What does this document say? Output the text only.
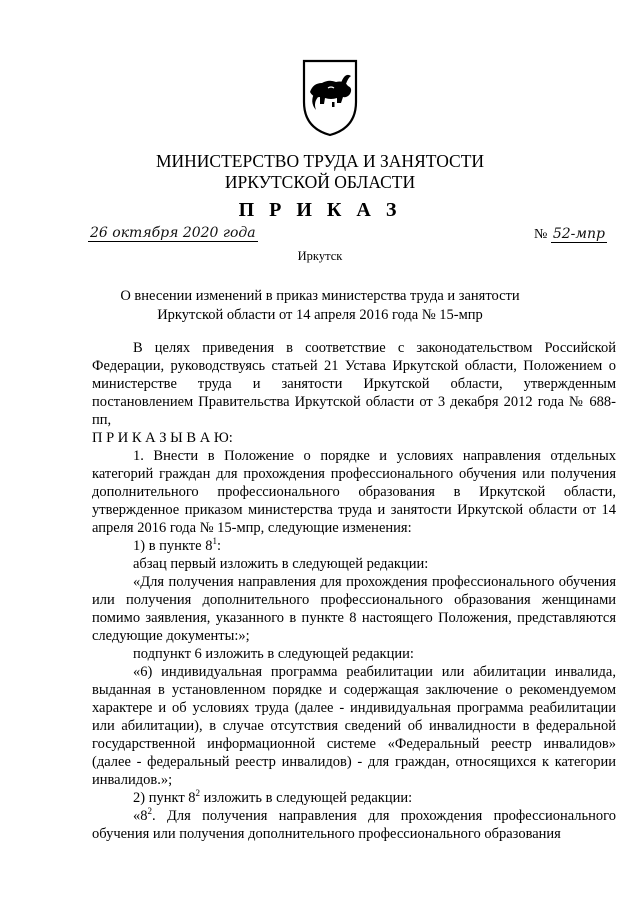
МИНИСТЕРСТВО ТРУДА И ЗАНЯТОСТИ
ИРКУТСКОЙ ОБЛАСТИ
П Р И К А З
26 октября 2020 года	№ 52-мпр
Иркутск
О внесении изменений в приказ министерства труда и занятости
Иркутской области от 14 апреля 2016 года № 15-мпр

В целях приведения в соответствие с законодательством Российской Федерации, руководствуясь статьей 21 Устава Иркутской области, Положением о министерстве труда и занятости Иркутской области, утвержденным постановлением Правительства Иркутской области от 3 декабря 2012 года № 688-пп,

П Р И К А З Ы В А Ю:

1. Внести в Положение о порядке и условиях направления отдельных категорий граждан для прохождения профессионального обучения или получения дополнительного профессионального образования в Иркутской области, утвержденное приказом министерства труда и занятости Иркутской области от 14 апреля 2016 года № 15-мпр, следующие изменения:

1) в пункте $8^1$:

абзац первый изложить в следующей редакции:

«Для получения направления для прохождения профессионального обучения или получения дополнительного профессионального образования женщинами помимо заявления, указанного в пункте 8 настоящего Положения, представляются следующие документы:»;

подпункт 6 изложить в следующей редакции:

«6) индивидуальная программа реабилитации или абилитации инвалида, выданная в установленном порядке и содержащая заключение о рекомендуемом характере и об условиях труда (далее - индивидуальная программа реабилитации или абилитации), в случае отсутствия сведений об инвалидности в федеральной государственной информационной системе «Федеральный реестр инвалидов» (далее - федеральный реестр инвалидов) - для граждан, относящихся к категории инвалидов.»;

2) пункт $8^2$ изложить в следующей редакции:

«$8^2$. Для получения направления для прохождения профессионального обучения или получения дополнительного профессионального образования
